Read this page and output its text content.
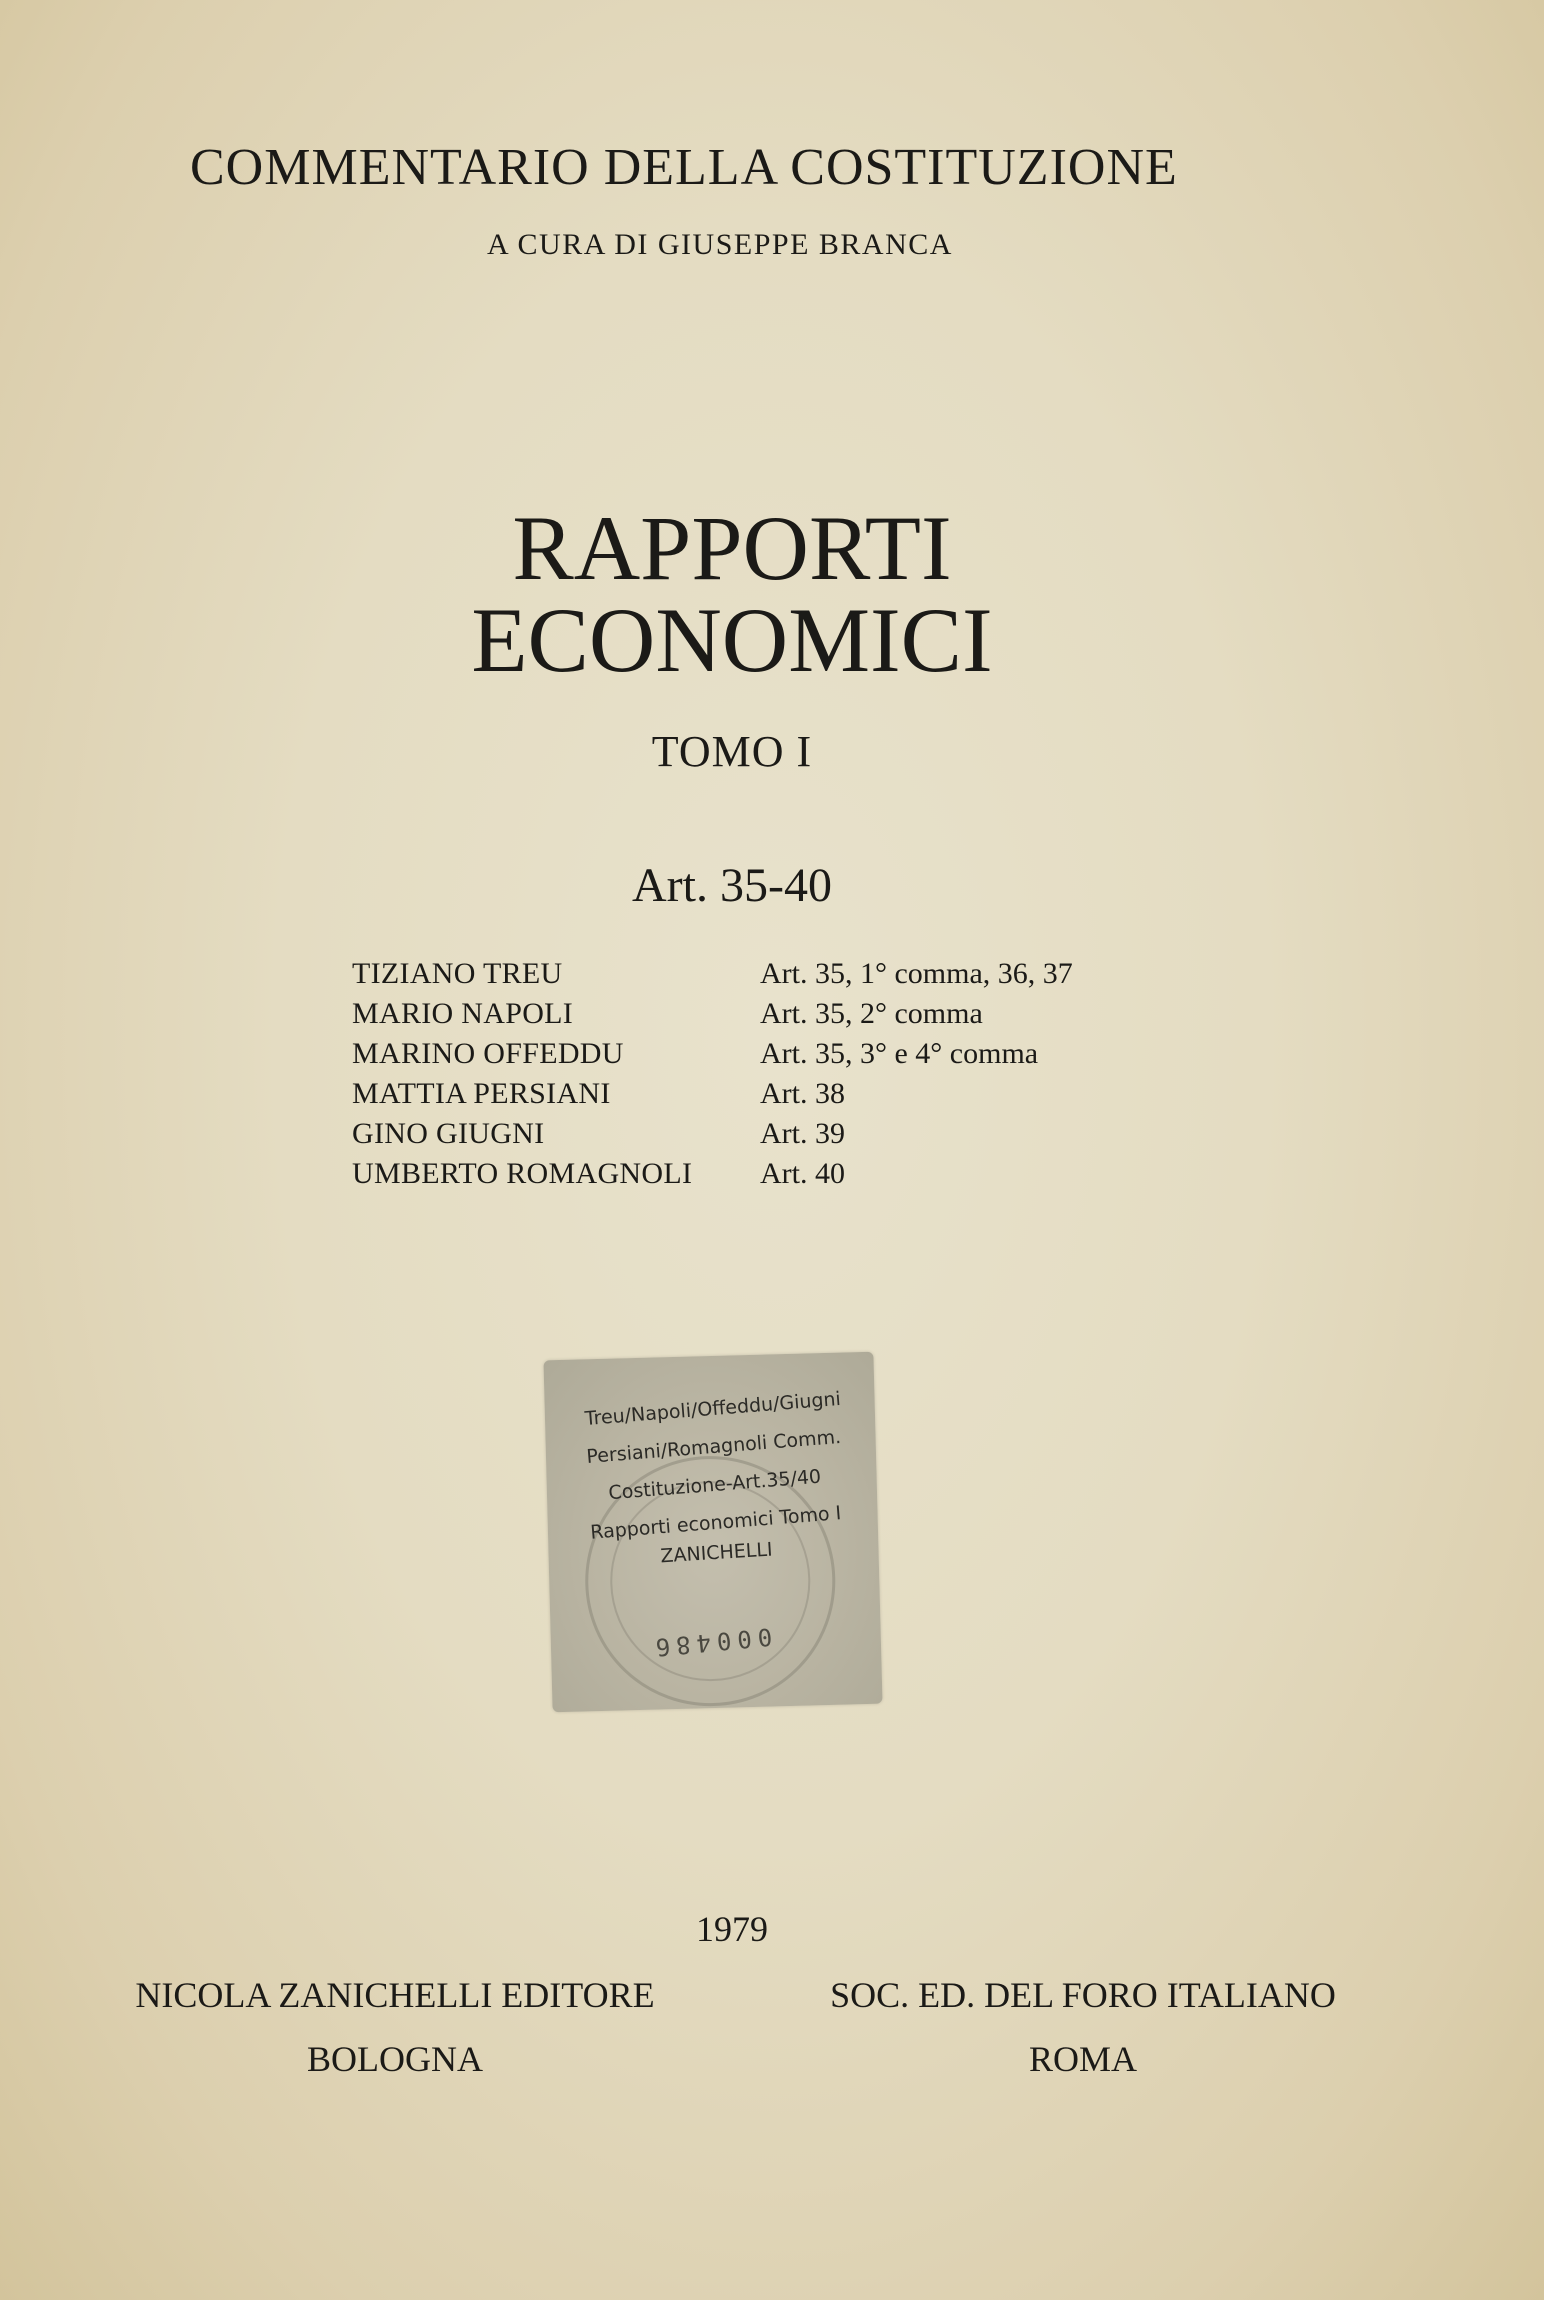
COMMENTARIO DELLA COSTITUZIONE
A CURA DI GIUSEPPE BRANCA
RAPPORTI
ECONOMICI
TOMO I
Art. 35-40
TIZIANO TREU	Art. 35, 1° comma, 36, 37
MARIO NAPOLI	Art. 35, 2° comma
MARINO OFFEDDU	Art. 35, 3° e 4° comma
MATTIA PERSIANI	Art. 38
GINO GIUGNI	Art. 39
UMBERTO ROMAGNOLI	Art. 40
Treu/Napoli/Offeddu/Giugni
Persiani/Romagnoli Comm.
Costituzione-Art.35/40
Rapporti economici Tomo I
ZANICHELLI
000486
1979
NICOLA ZANICHELLI EDITORE
BOLOGNA
SOC. ED. DEL FORO ITALIANO
ROMA
